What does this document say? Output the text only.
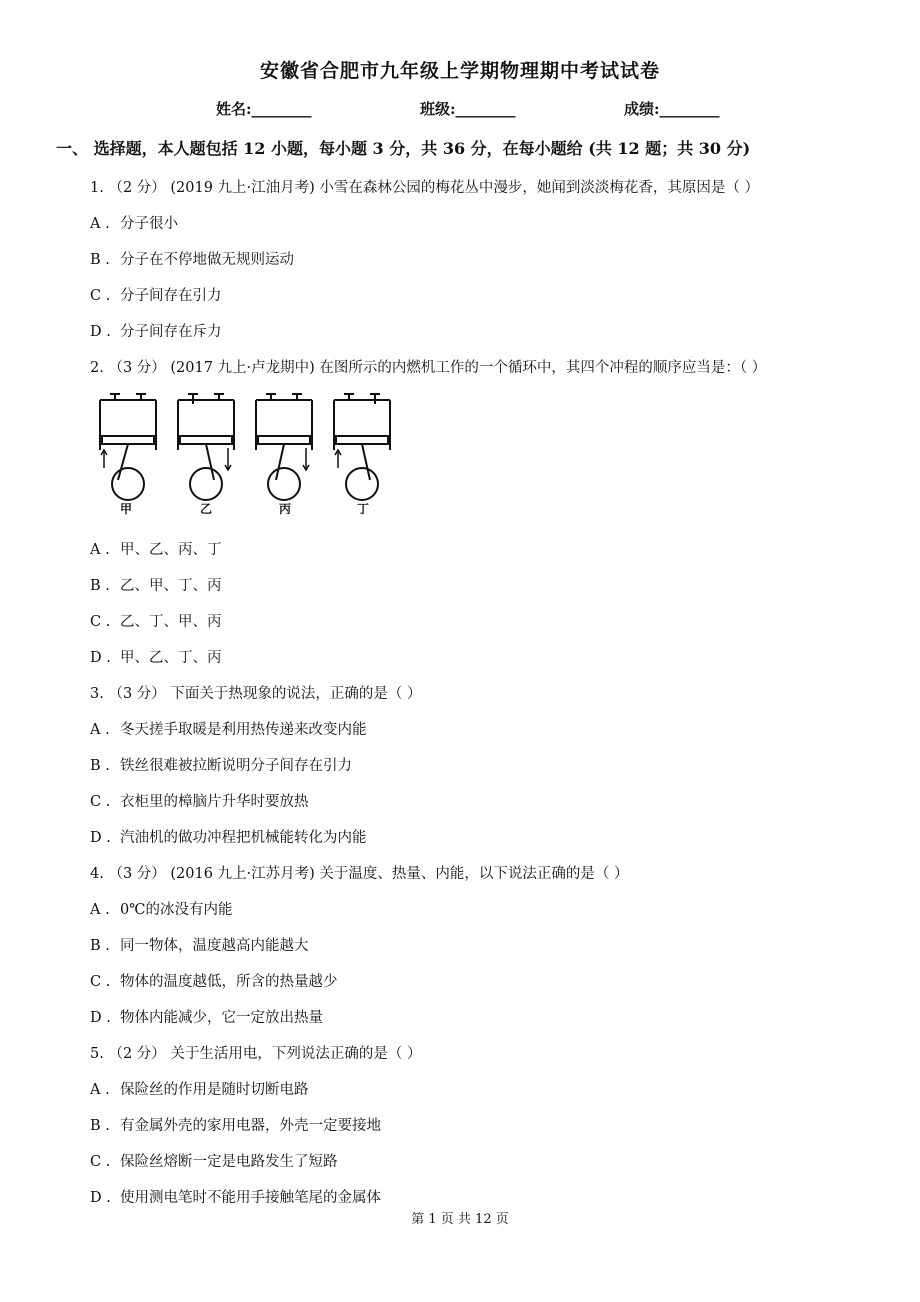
安徽省合肥市九年级上学期物理期中考试试卷
姓名:________	班级:________	成绩:________
一、 选择题，本人题包括 12 小题，每小题 3 分，共 36 分，在每小题给 (共 12 题；共 30 分)
1. （2 分） (2019 九上·江油月考) 小雪在森林公园的梅花丛中漫步，她闻到淡淡梅花香，其原因是（ ）
A . 分子很小
B . 分子在不停地做无规则运动
C . 分子间存在引力
D . 分子间存在斥力
2. （3 分） (2017 九上·卢龙期中) 在图所示的内燃机工作的一个循环中，其四个冲程的顺序应当是：（ ）
甲	乙	丙	丁
A . 甲、乙、丙、丁
B . 乙、甲、丁、丙
C . 乙、丁、甲、丙
D . 甲、乙、丁、丙
3. （3 分） 下面关于热现象的说法，正确的是（ ）
A . 冬天搓手取暖是利用热传递来改变内能
B . 铁丝很难被拉断说明分子间存在引力
C . 衣柜里的樟脑片升华时要放热
D . 汽油机的做功冲程把机械能转化为内能
4. （3 分） (2016 九上·江苏月考) 关于温度、热量、内能，以下说法正确的是（ ）
A . 0℃的冰没有内能
B . 同一物体，温度越高内能越大
C . 物体的温度越低，所含的热量越少
D . 物体内能减少，它一定放出热量
5. （2 分） 关于生活用电，下列说法正确的是（ ）
A . 保险丝的作用是随时切断电路
B . 有金属外壳的家用电器，外壳一定要接地
C . 保险丝熔断一定是电路发生了短路
D . 使用测电笔时不能用手接触笔尾的金属体
第 1 页 共 12 页
